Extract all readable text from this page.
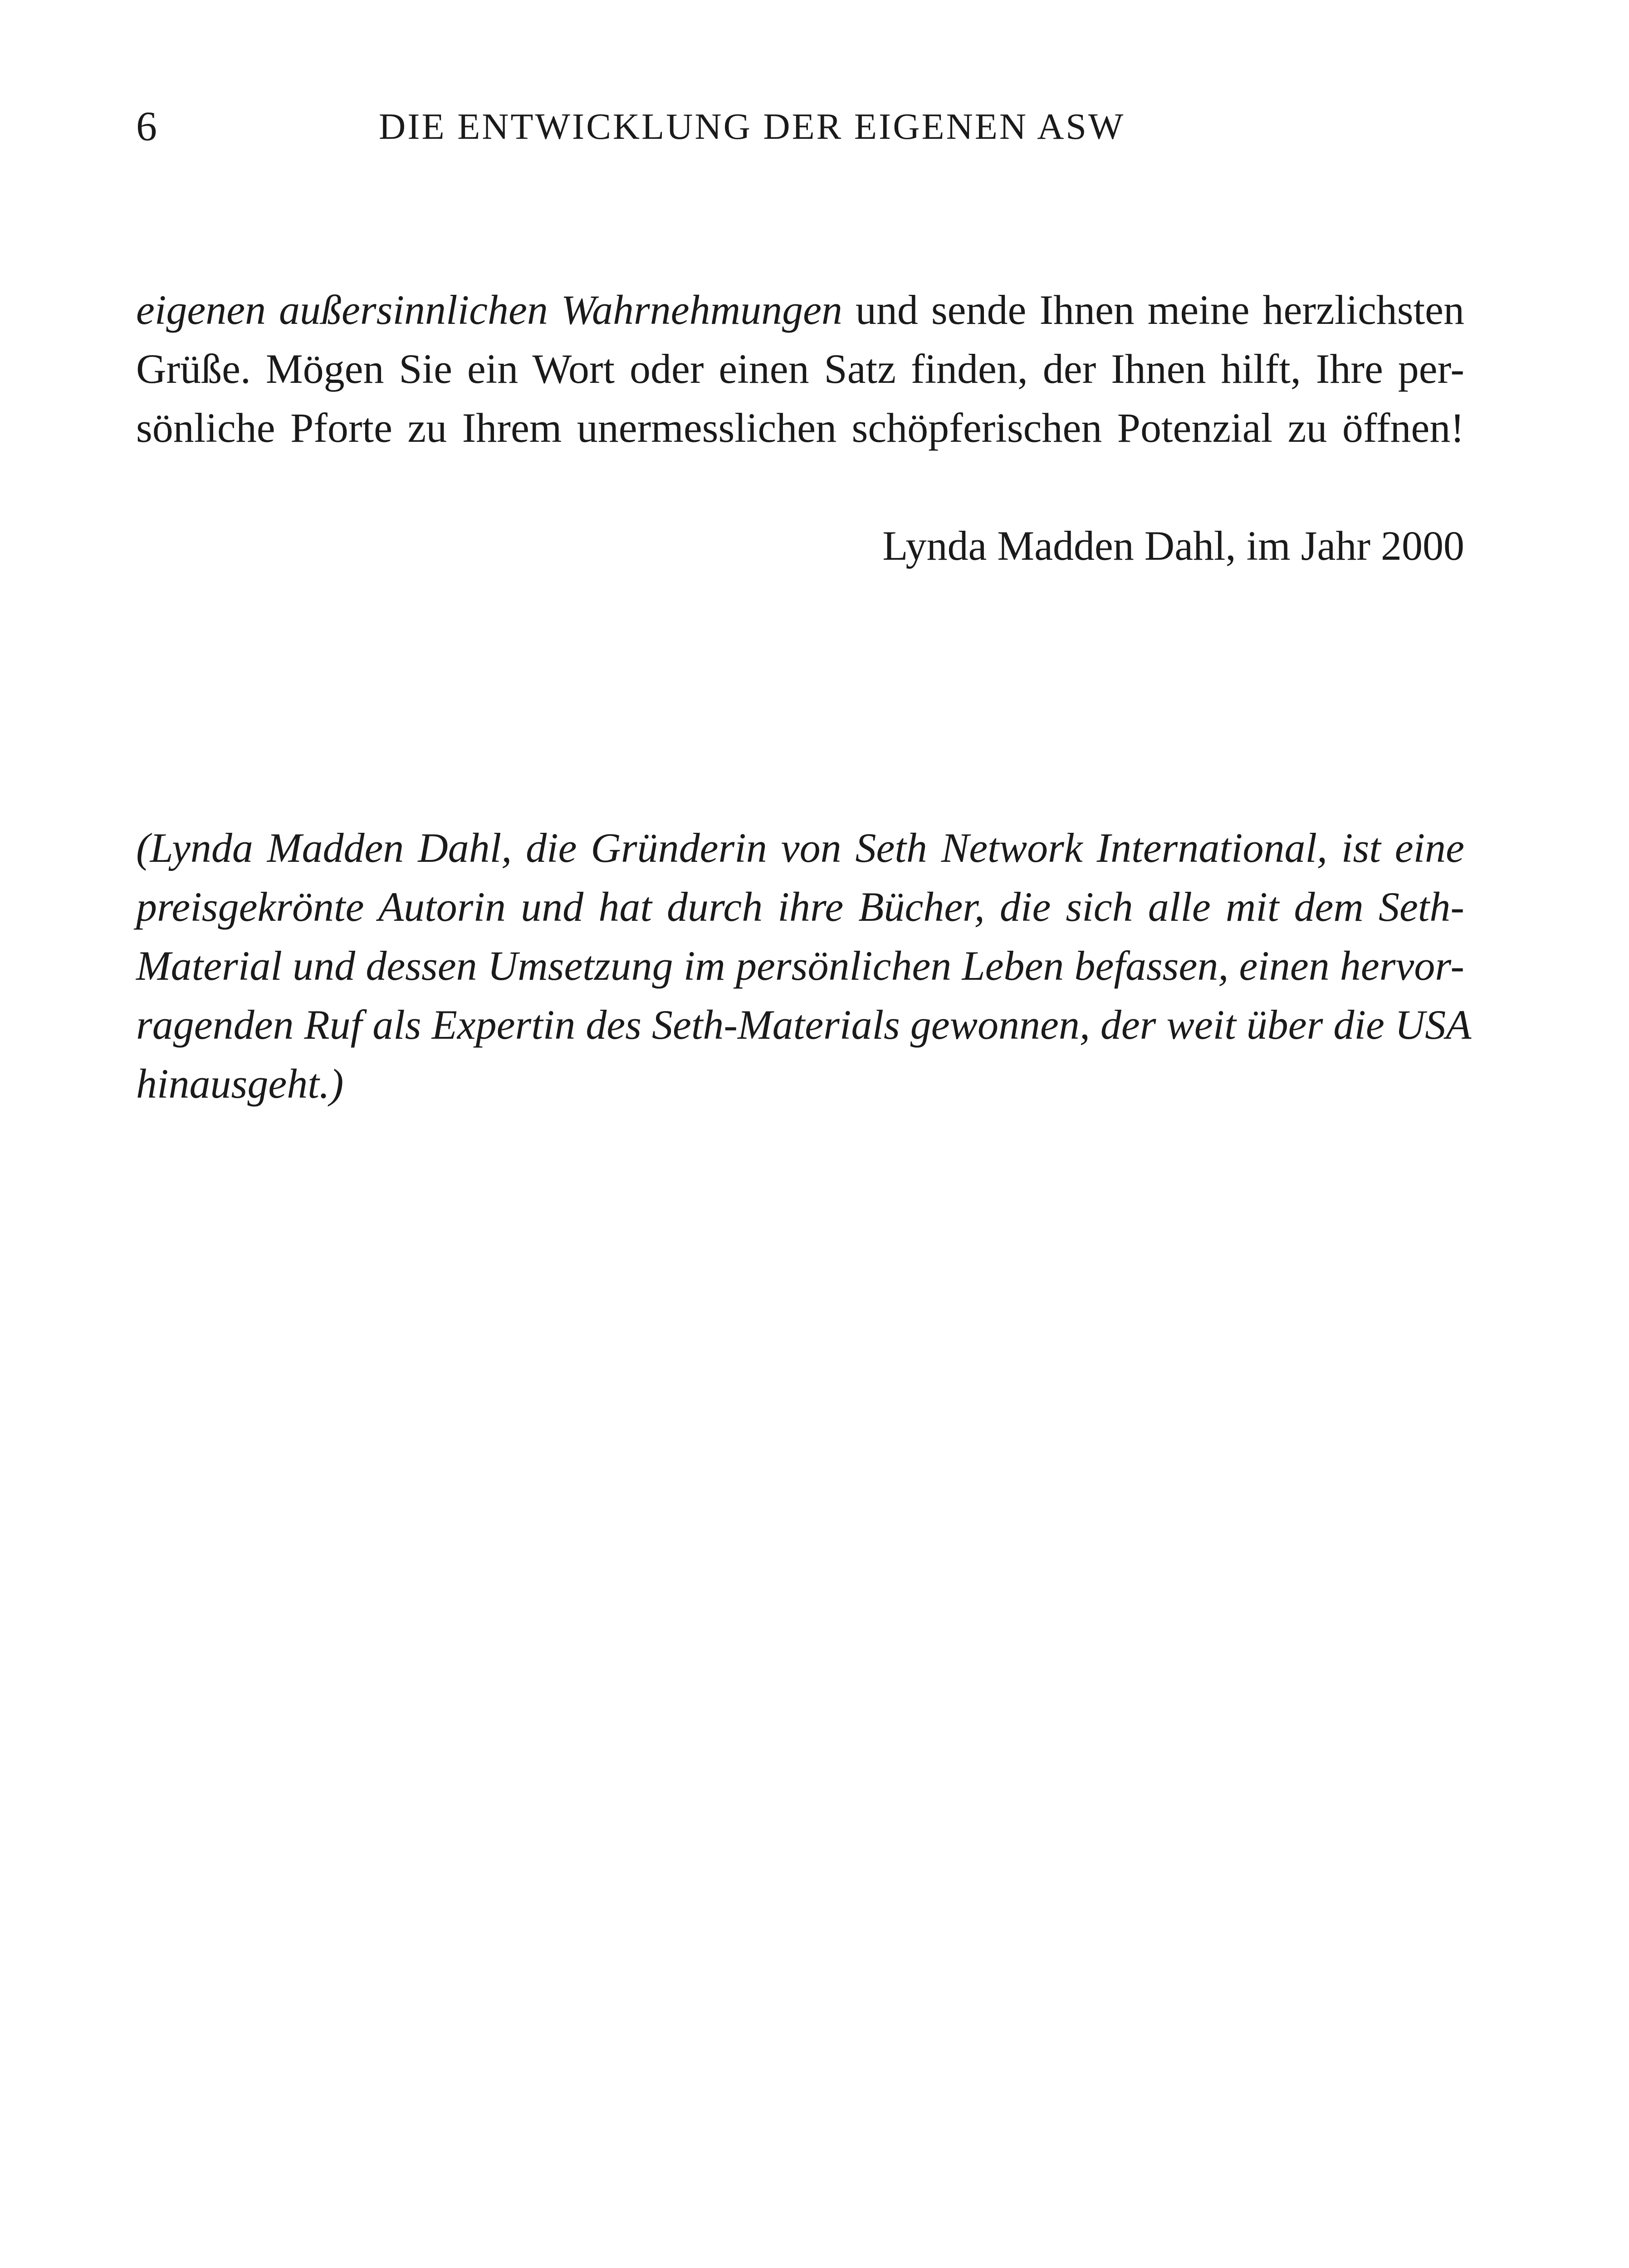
6	DIE ENTWICKLUNG DER EIGENEN ASW
eigenen außersinnlichen Wahrnehmungen und sende Ihnen meine herzlichsten
Grüße. Mögen Sie ein Wort oder einen Satz finden, der Ihnen hilft, Ihre per-
sönliche Pforte zu Ihrem unermesslichen schöpferischen Potenzial zu öffnen!
Lynda Madden Dahl, im Jahr 2000
(Lynda Madden Dahl, die Gründerin von Seth Network International, ist eine
preisgekrönte Autorin und hat durch ihre Bücher, die sich alle mit dem Seth-
Material und dessen Umsetzung im persönlichen Leben befassen, einen hervor-
ragenden Ruf als Expertin des Seth-Materials gewonnen, der weit über die USA
hinausgeht.)
